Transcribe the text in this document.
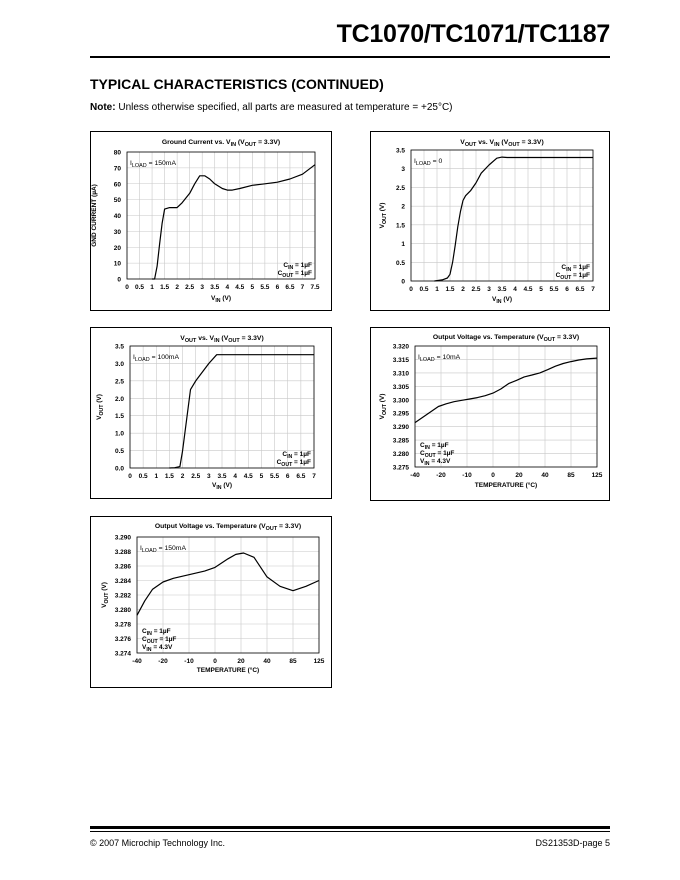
TC1070/TC1071/TC1187
TYPICAL CHARACTERISTICS (CONTINUED)
Note: Unless otherwise specified, all parts are measured at temperature = +25°C)
0 0.5 1 1.5 2 2.5 3 3.5 4 4.5 5 5.5 6 6.5 7 7.5
0
10
20
30
40
50
60
70
80
Ground Current vs. $V_{IN}$ $(V_{OUT} = 3.3V)$
$V_{IN}$ (V)
GND CURRENT (µA)
$I_{LOAD} = 150mA$
$C_{IN} = 1\mu F$
$C_{OUT} = 1\mu F$
0 0.5 1 1.5 2 2.5 3 3.5 4 4.5 5 5.5 6 6.5 7
0
0.5
1
1.5
2
2.5
3
3.5
$V_{OUT}$ vs. $V_{IN}$ $(V_{OUT} = 3.3V)$
$V_{IN}$ (V)
$V_{OUT}$ (V)
$I_{LOAD} = 0$
$C_{IN} = 1\mu F$
$C_{OUT} = 1\mu F$
0 0.5 1 1.5 2 2.5 3 3.5 4 4.5 5 5.5 6 6.5 7
0.0
0.5
1.0
1.5
2.0
2.5
3.0
3.5
$V_{OUT}$ vs. $V_{IN}$ $(V_{OUT} = 3.3V)$
$V_{IN}$ (V)
$V_{OUT}$ (V)
$I_{LOAD} = 100mA$
$C_{IN} = 1\mu F$
$C_{OUT} = 1\mu F$
-40	-20	-10	0	20	40	85	125
3.275
3.280
3.285
3.290
3.295
3.300
3.305
3.310
3.315
3.320
Output Voltage vs. Temperature $(V_{OUT} = 3.3V)$
TEMPERATURE (°C)
$V_{OUT}$ (V)
$I_{LOAD} = 10mA$
$C_{IN} = 1\mu F$
$C_{OUT} = 1\mu F$
$V_{IN} = 4.3V$
-40	-20	-10	0	20	40	85	125
3.274
3.276
3.278
3.280
3.282
3.284
3.286
3.288
3.290
Output Voltage vs. Temperature $(V_{OUT} = 3.3V)$
TEMPERATURE (°C)
$V_{OUT}$ (V)
$I_{LOAD} = 150mA$
$C_{IN} = 1\mu F$
$C_{OUT} = 1\mu F$
$V_{IN} = 4.3V$
© 2007 Microchip Technology Inc.	DS21353D-page 5
